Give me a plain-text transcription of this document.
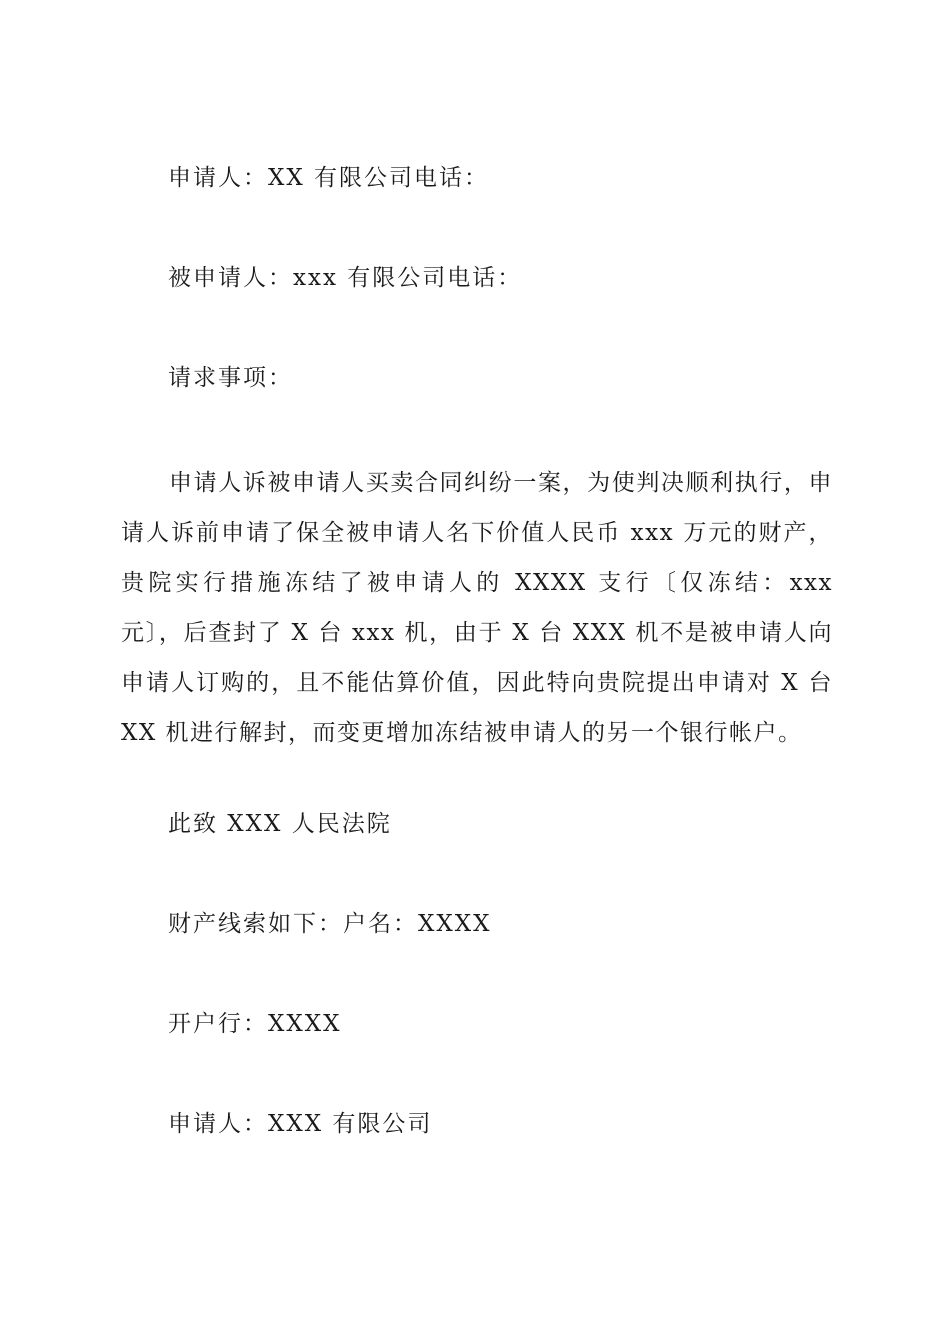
申请人：XX 有限公司电话：
被申请人：xxx 有限公司电话：
请求事项：
申请人诉被申请人买卖合同纠纷一案，为使判决顺利执行，申请人诉前申请了保全被申请人名下价值人民币 xxx 万元的财产，贵院实行措施冻结了被申请人的 XXXX 支行〔仅冻结：xxx 元〕，后查封了 X 台 xxx 机，由于 X 台 XXX 机不是被申请人向申请人订购的，且不能估算价值，因此特向贵院提出申请对 X 台 XX 机进行解封，而变更增加冻结被申请人的另一个银行帐户。
此致 XXX 人民法院
财产线索如下：户名：XXXX
开户行：XXXX
申请人：XXX 有限公司
